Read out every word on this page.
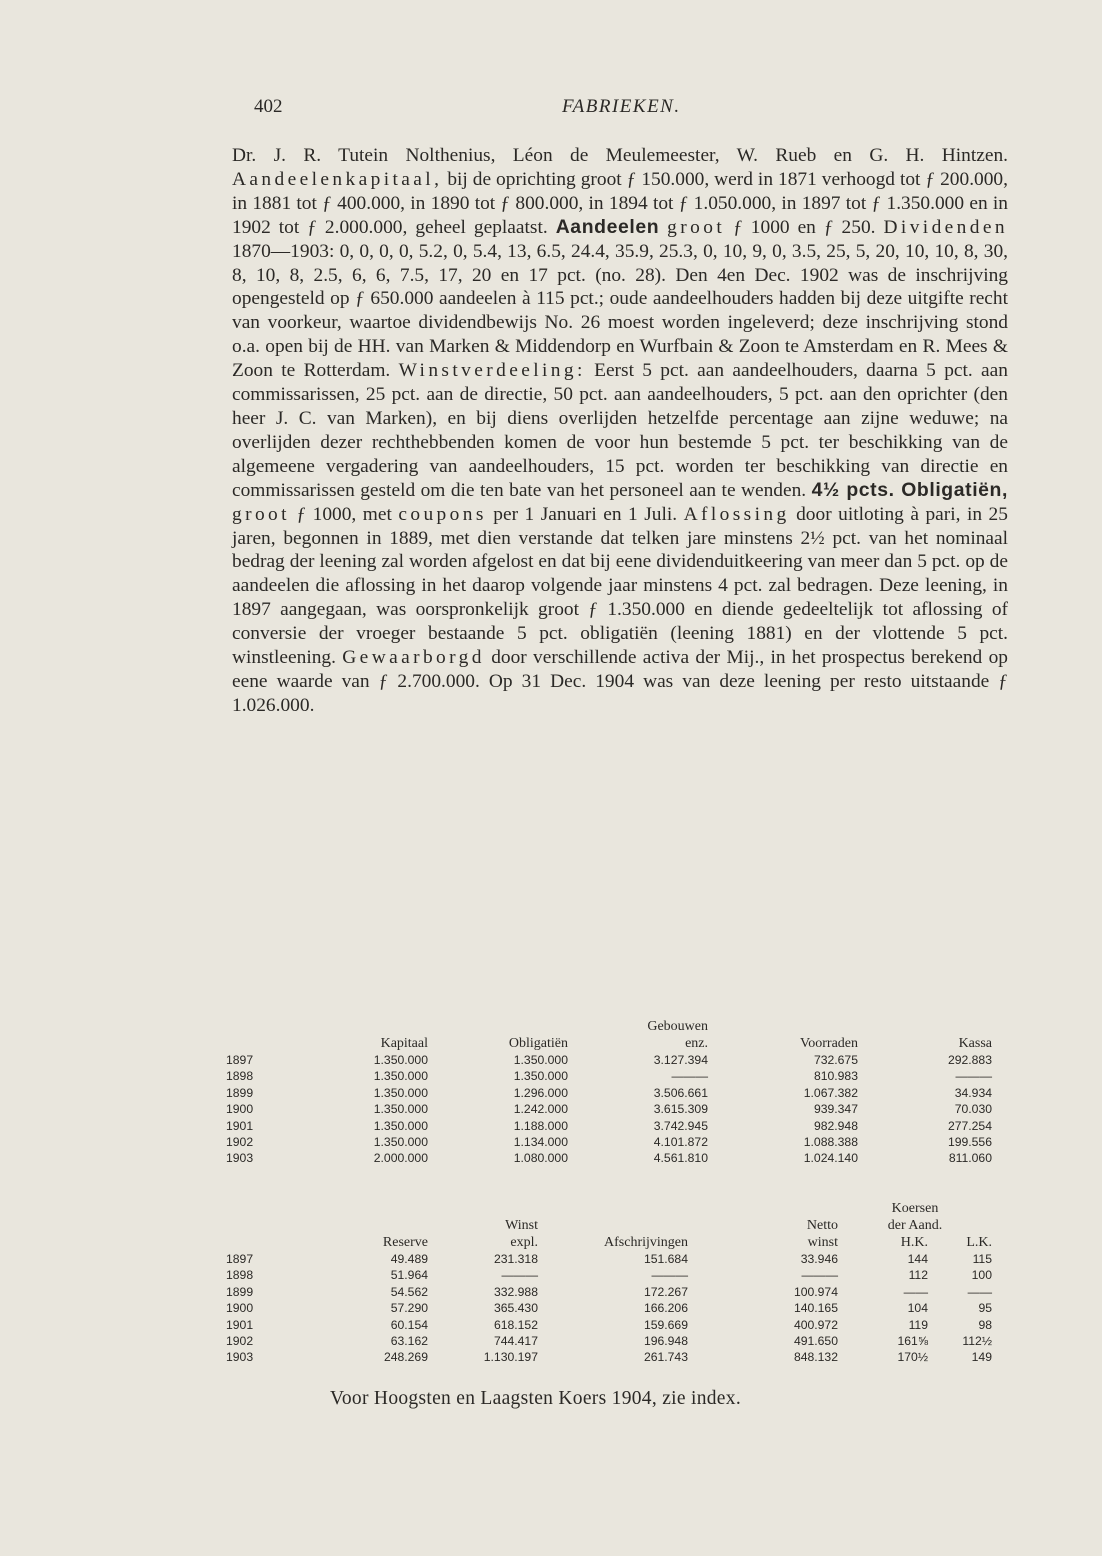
402	FABRIEKEN.

Dr. J. R. Tutein Nolthenius, Léon de Meulemeester, W. Rueb en G. H. Hintzen. Aandeelenkapitaal, bij de oprichting groot ƒ 150.000, werd in 1871 verhoogd tot ƒ 200.000, in 1881 tot ƒ 400.000, in 1890 tot ƒ 800.000, in 1894 tot ƒ 1.050.000, in 1897 tot ƒ 1.350.000 en in 1902 tot ƒ 2.000.000, geheel geplaatst. Aandeelen groot ƒ 1000 en ƒ 250. Dividenden 1870—1903: 0, 0, 0, 0, 5.2, 0, 5.4, 13, 6.5, 24.4, 35.9, 25.3, 0, 10, 9, 0, 3.5, 25, 5, 20, 10, 10, 8, 30, 8, 10, 8, 2.5, 6, 6, 7.5, 17, 20 en 17 pct. (no. 28). Den 4en Dec. 1902 was de inschrijving opengesteld op ƒ 650.000 aandeelen à 115 pct.; oude aandeelhouders hadden bij deze uitgifte recht van voorkeur, waartoe dividendbewijs No. 26 moest worden ingeleverd; deze inschrijving stond o.a. open bij de HH. van Marken & Middendorp en Wurfbain & Zoon te Amsterdam en R. Mees & Zoon te Rotterdam. Winstverdeeling: Eerst 5 pct. aan aandeelhouders, daarna 5 pct. aan commissarissen, 25 pct. aan de directie, 50 pct. aan aandeelhouders, 5 pct. aan den oprichter (den heer J. C. van Marken), en bij diens overlijden hetzelfde percentage aan zijne weduwe; na overlijden dezer rechthebbenden komen de voor hun bestemde 5 pct. ter beschikking van de algemeene vergadering van aandeelhouders, 15 pct. worden ter beschikking van directie en commissarissen gesteld om die ten bate van het personeel aan te wenden. 4½ pcts. Obligatiën, groot ƒ 1000, met coupons per 1 Januari en 1 Juli. Aflossing door uitloting à pari, in 25 jaren, begonnen in 1889, met dien verstande dat telken jare minstens 2½ pct. van het nominaal bedrag der leening zal worden afgelost en dat bij eene dividenduitkeering van meer dan 5 pct. op de aandeelen die aflossing in het daarop volgende jaar minstens 4 pct. zal bedragen. Deze leening, in 1897 aangegaan, was oorspronkelijk groot ƒ 1.350.000 en diende gedeeltelijk tot aflossing of conversie der vroeger bestaande 5 pct. obligatiën (leening 1881) en der vlottende 5 pct. winstleening. Gewaarborgd door verschillende activa der Mij., in het prospectus berekend op eene waarde van ƒ 2.700.000. Op 31 Dec. 1904 was van deze leening per resto uitstaande ƒ 1.026.000.

			Gebouwen		
	Kapitaal	Obligatiën	enz.	Voorraden	Kassa
1897	1.350.000	1.350.000	3.127.394	732.675	292.883
1898	1.350.000	1.350.000	———	810.983	———
1899	1.350.000	1.296.000	3.506.661	1.067.382	34.934
1900	1.350.000	1.242.000	3.615.309	939.347	70.030
1901	1.350.000	1.188.000	3.742.945	982.948	277.254
1902	1.350.000	1.134.000	4.101.872	1.088.388	199.556
1903	2.000.000	1.080.000	4.561.810	1.024.140	811.060
					Koersen	
		Winst		Netto	der Aand.	
	Reserve	expl.	Afschrijvingen	winst	H.K.	L.K.
1897	49.489	231.318	151.684	33.946	144	115
1898	51.964	———	———	———	112	100
1899	54.562	332.988	172.267	100.974	——	——
1900	57.290	365.430	166.206	140.165	104	95
1901	60.154	618.152	159.669	400.972	119	98
1902	63.162	744.417	196.948	491.650	161⅝	112½
1903	248.269	1.130.197	261.743	848.132	170½	149
Voor Hoogsten en Laagsten Koers 1904, zie index.
